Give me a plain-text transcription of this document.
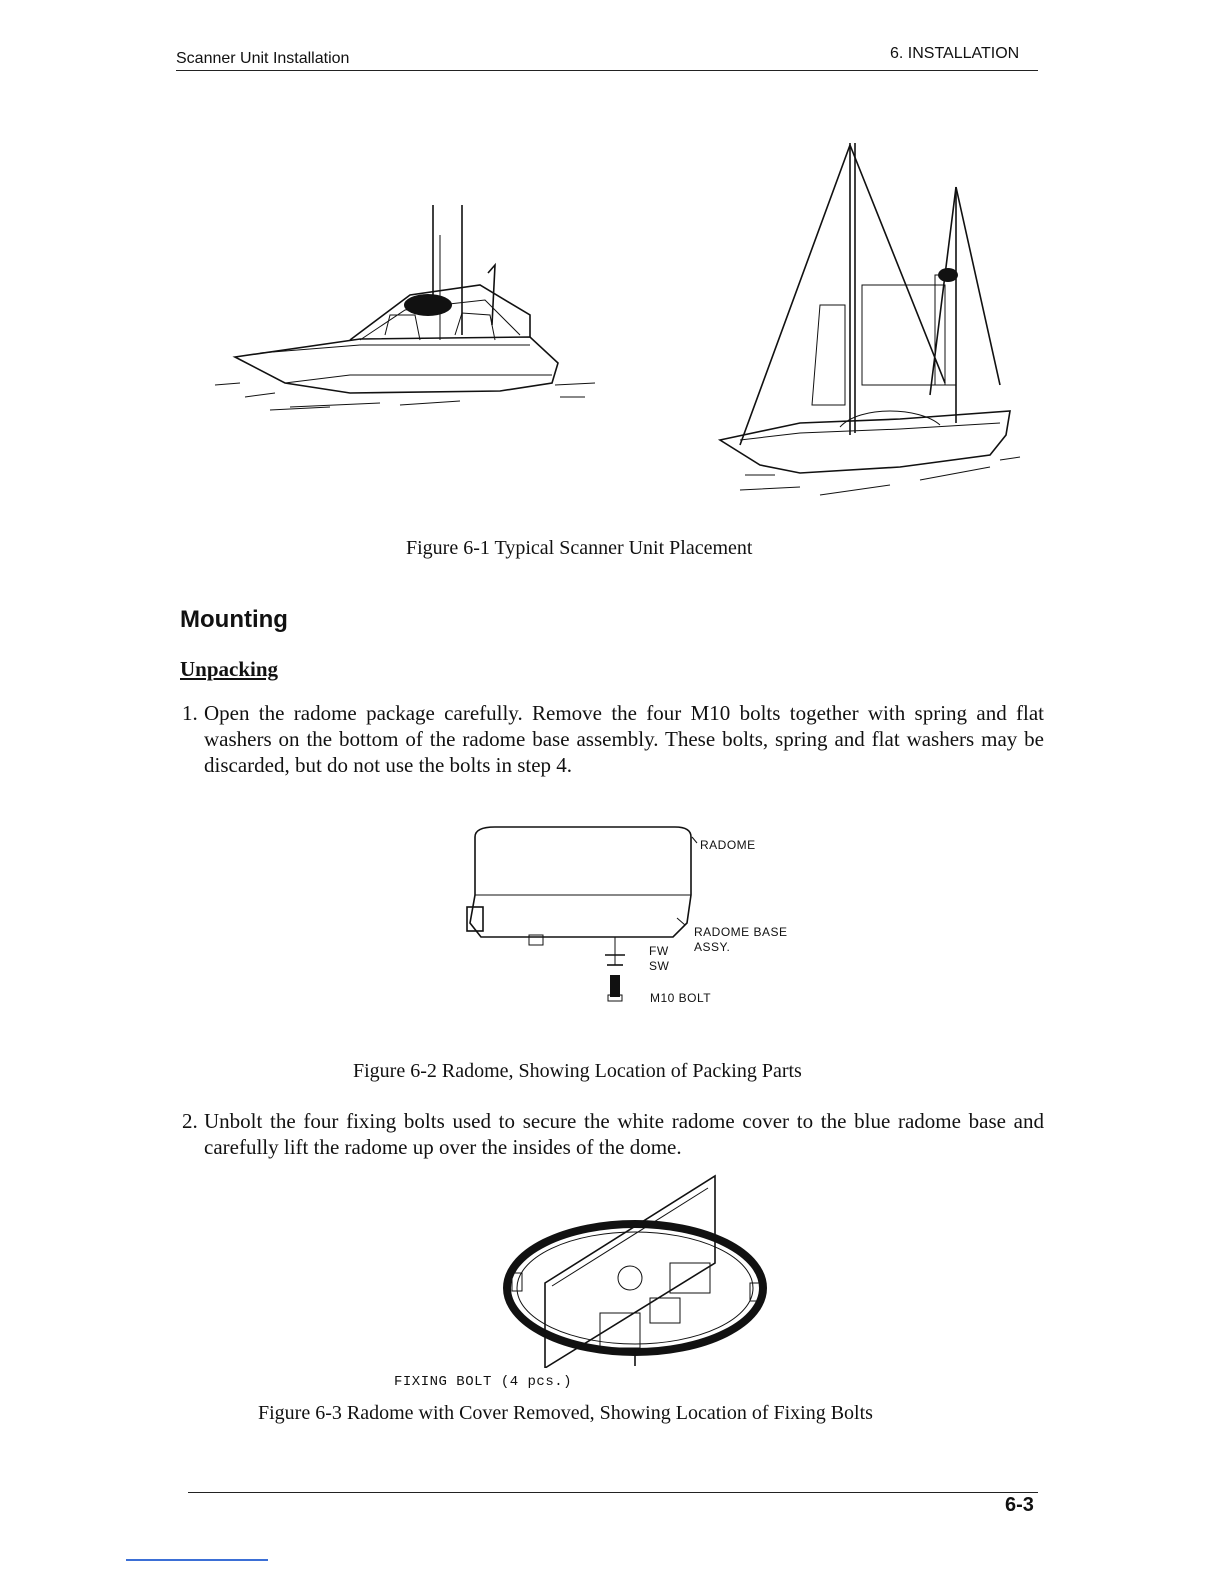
Scanner Unit Installation	6. INSTALLATION
Figure 6-1 Typical Scanner Unit Placement
Mounting
Unpacking
1. Open the radome package carefully. Remove the four M10 bolts together with spring and flat washers on the bottom of the radome base assembly. These bolts, spring and flat washers may be discarded, but do not use the bolts in step 4.
RADOME
RADOME BASE
ASSY.
FW
SW
M10 BOLT
Figure 6-2 Radome, Showing Location of Packing Parts
2. Unbolt the four fixing bolts used to secure the white radome cover to the blue radome base and carefully lift the radome up over the insides of the dome.
FIXING BOLT (4 pcs.)
Figure 6-3 Radome with Cover Removed, Showing Location of Fixing Bolts
6-3
